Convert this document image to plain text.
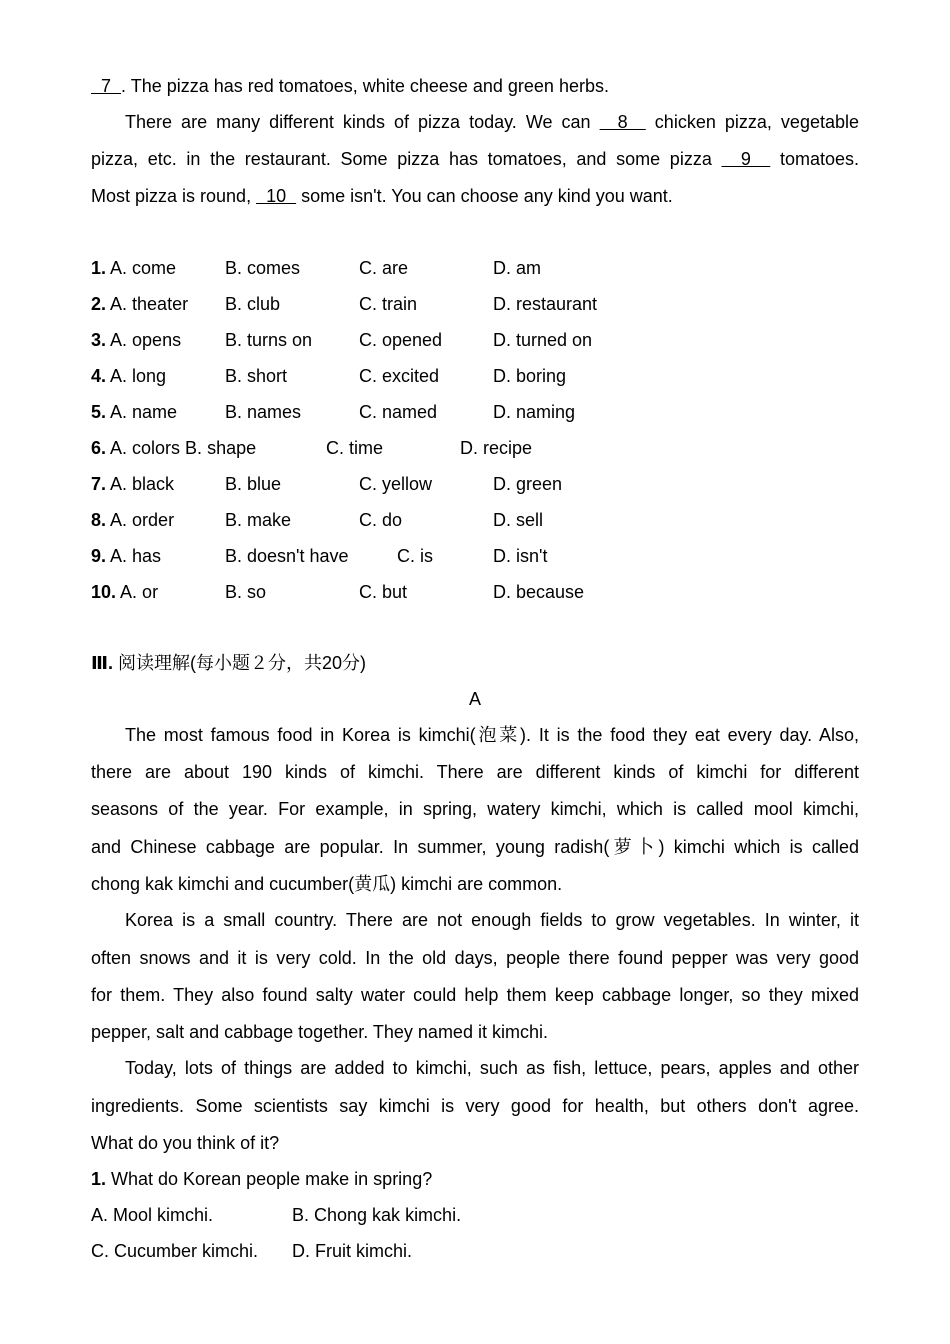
7  . The pizza has red tomatoes, white cheese and green herbs.
There are many different kinds of pizza today. We can   8   chicken pizza, vegetable
pizza, etc. in the restaurant. Some pizza has tomatoes, and some pizza   9   tomatoes.
Most pizza is round,   10   some isn't. You can choose any kind you want.
1. A. come	B. comes	C. are	D. am
2. A. theater B. club	C. train	D. restaurant
3. A. opens B. turns on	C. opened	D. turned on
4. A. long	B. short	C. excited	D. boring
5. A. name	B. names	C. named	D. naming
6. A. colors B. shape	C. time	D. recipe
7. A. black	B. blue	C. yellow	D. green
8. A. order	B. make	C. do	D. sell
9. A. has	B. doesn't have	C. is	D. isn't
10. A. or	B. so	C. but	D. because
Ⅲ. 阅读理解(每小题２分，共20分)
A
The most famous food in Korea is kimchi(泡菜). It is the food they eat every day. Also,
there are about 190 kinds of kimchi. There are different kinds of kimchi for different
seasons of the year. For example, in spring, watery kimchi, which is called mool kimchi,
and Chinese cabbage are popular. In summer, young radish(萝卜) kimchi which is called
chong kak kimchi and cucumber(黄瓜) kimchi are common.
Korea is a small country. There are not enough fields to grow vegetables. In winter, it
often snows and it is very cold. In the old days, people there found pepper was very good
for them. They also found salty water could help them keep cabbage longer, so they mixed
pepper, salt and cabbage together. They named it kimchi.
Today, lots of things are added to kimchi, such as fish, lettuce, pears, apples and other
ingredients. Some scientists say kimchi is very good for health, but others don't agree.
What do you think of it?
1. What do Korean people make in spring?
A. Mool kimchi.	B. Chong kak kimchi.
C. Cucumber kimchi. D. Fruit kimchi.
